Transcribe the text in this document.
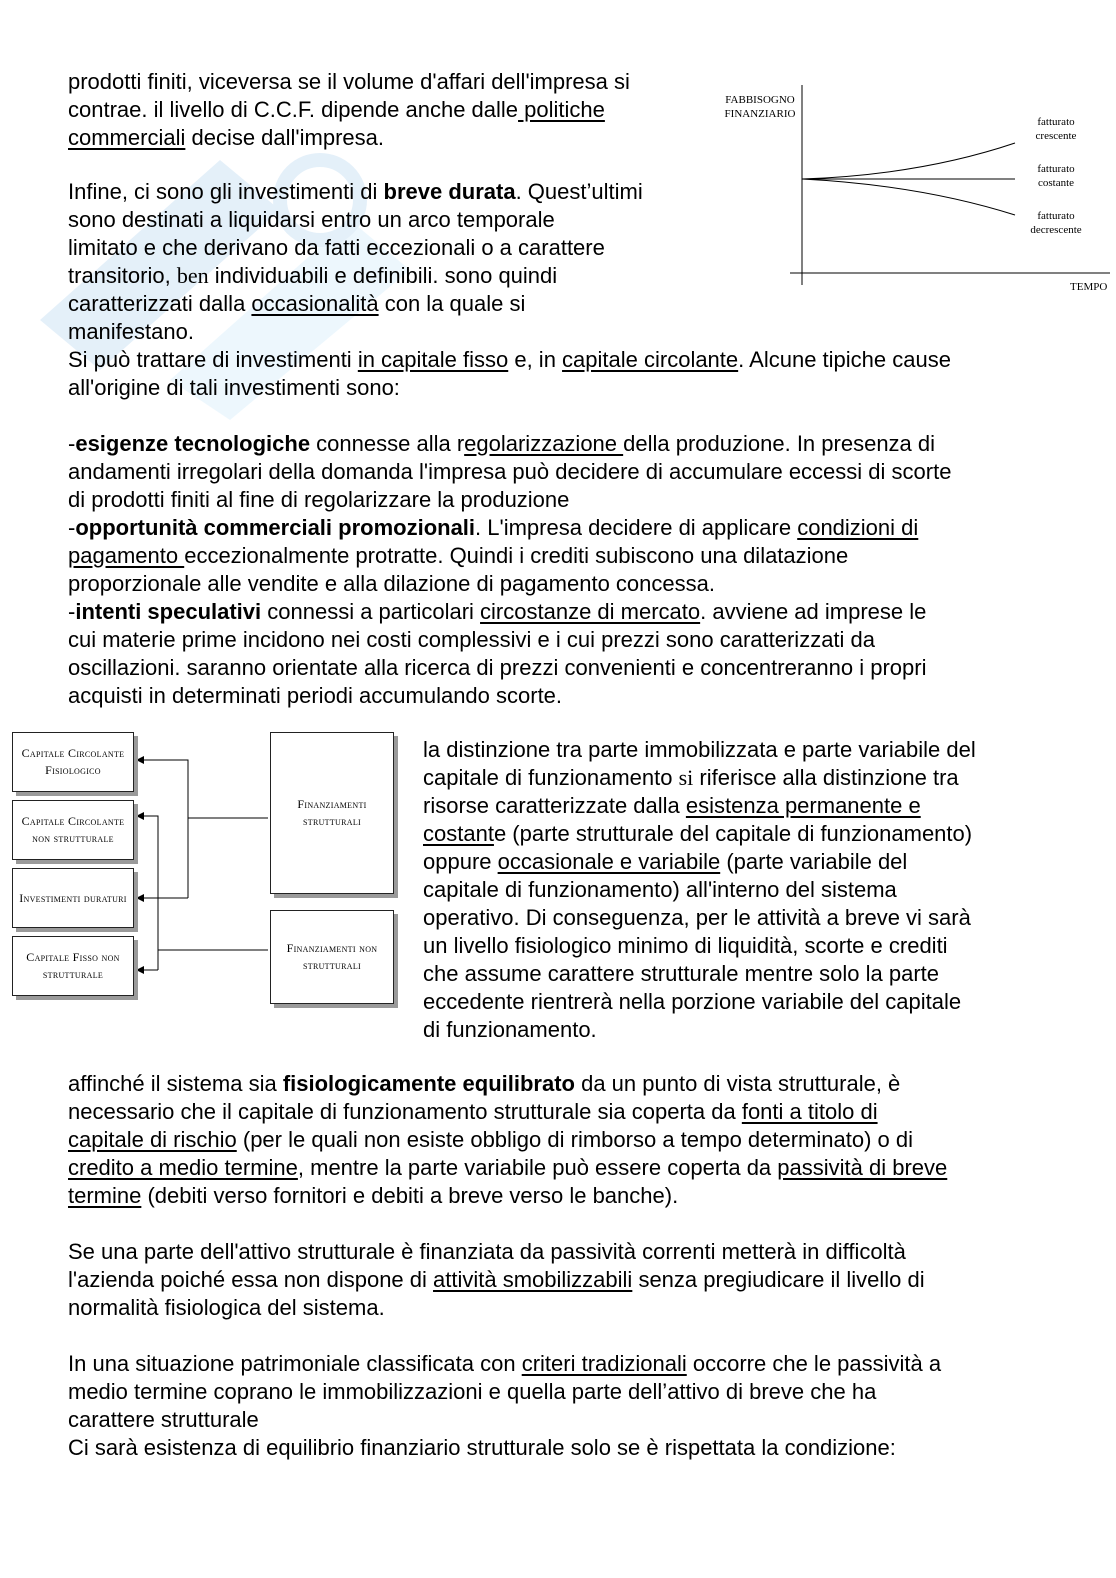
prodotti finiti, viceversa se il volume d'affari dell'impresa si
contrae. il livello di C.C.F. dipende anche dalle politiche
commerciali decise dall'impresa.
Infine, ci sono gli investimenti di breve durata. Quest’ultimi
sono destinati a liquidarsi entro un arco temporale
limitato e che derivano da fatti eccezionali o a carattere
transitorio, ben individuabili e definibili. sono quindi
caratterizzati dalla occasionalità con la quale si
manifestano.
Si può trattare di investimenti in capitale fisso e, in capitale circolante. Alcune tipiche cause
all'origine di tali investimenti sono:
FABBISOGNO
FINANZIARIO
fatturato
crescente
fatturato
costante
fatturato
decrescente
TEMPO
-esigenze tecnologiche connesse alla regolarizzazione della produzione. In presenza di
andamenti irregolari della domanda l'impresa può decidere di accumulare eccessi di scorte
di prodotti finiti al fine di regolarizzare la produzione
-opportunità commerciali promozionali. L'impresa decidere di applicare condizioni di
pagamento eccezionalmente protratte. Quindi i crediti subiscono una dilatazione
proporzionale alle vendite e alla dilazione di pagamento concessa.
-intenti speculativi connessi a particolari circostanze di mercato. avviene ad imprese le
cui materie prime incidono nei costi complessivi e i cui prezzi sono caratterizzati da
oscillazioni. saranno orientate alla ricerca di prezzi convenienti e concentreranno i propri
acquisti in determinati periodi accumulando scorte.
Capitale Circolante Fisiologico
Capitale Circolante non strutturale
Investimenti duraturi
Capitale Fisso non strutturale
Finanziamenti strutturali
Finanziamenti non strutturali
la distinzione tra parte immobilizzata e parte variabile del
capitale di funzionamento si riferisce alla distinzione tra
risorse caratterizzate dalla esistenza permanente e
costante (parte strutturale del capitale di funzionamento)
oppure occasionale e variabile (parte variabile del
capitale di funzionamento) all'interno del sistema
operativo. Di conseguenza, per le attività a breve vi sarà
un livello fisiologico minimo di liquidità, scorte e crediti
che assume carattere strutturale mentre solo la parte
eccedente rientrerà nella porzione variabile del capitale
di funzionamento.
affinché il sistema sia fisiologicamente equilibrato da un punto di vista strutturale, è
necessario che il capitale di funzionamento strutturale sia coperta da fonti a titolo di
capitale di rischio (per le quali non esiste obbligo di rimborso a tempo determinato) o di
credito a medio termine, mentre la parte variabile può essere coperta da passività di breve
termine (debiti verso fornitori e debiti a breve verso le banche).
Se una parte dell'attivo strutturale è finanziata da passività correnti metterà in difficoltà
l'azienda poiché essa non dispone di attività smobilizzabili senza pregiudicare il livello di
normalità fisiologica del sistema.
In una situazione patrimoniale classificata con criteri tradizionali occorre che le passività a
medio termine coprano le immobilizzazioni e quella parte dell’attivo di breve che ha
carattere strutturale
Ci sarà esistenza di equilibrio finanziario strutturale solo se è rispettata la condizione:
